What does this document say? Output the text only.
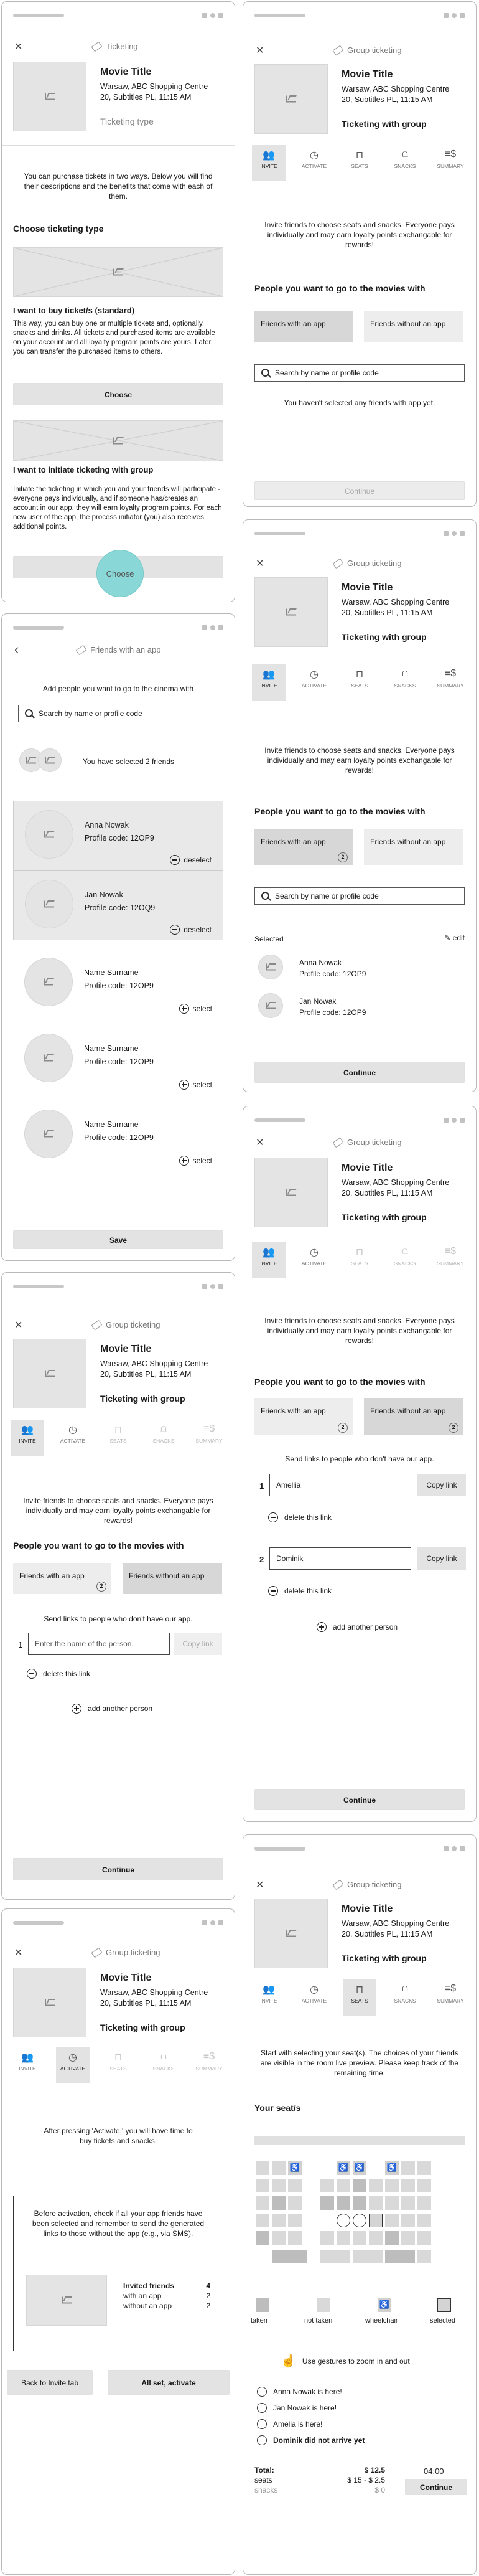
✕	Ticketing
Movie Title
Warsaw, ABC Shopping Centre
20, Subtitles PL, 11:15 AM
Ticketing type
You can purchase tickets in two ways. Below you will find their descriptions and the benefits that come with each of them.
Choose ticketing type
I want to buy ticket/s (standard)
This way, you can buy one or multiple tickets and, optionally, snacks and drinks. All tickets and purchased items are available on your account and all loyalty program points are yours. Later, you can transfer the purchased items to others.
Choose
I want to initiate ticketing with group
Initiate the ticketing in which you and your friends will participate - everyone pays individually, and if someone has/creates an account in our app, they will earn loyalty program points. For each new user of the app, the process initiator (you) also receives additional points.
Choose
‹	Friends with an app
Add people you want to go to the cinema with
Search by name or profile code
You have selected 2 friends
Anna Nowak
Profile code: 12OP9
deselect
Jan Nowak
Profile code: 12OQ9
deselect
Name Surname
Profile code: 12OP9
select
Name Surname
Profile code: 12OP9
select
Name Surname
Profile code: 12OP9
select
Save
✕	Group ticketing
Movie Title
Warsaw, ABC Shopping Centre
20, Subtitles PL, 11:15 AM
Ticketing with group
👥
INVITE
◷
ACTIVATE
⊓
SEATS
⩍
SNACKS
≡$
SUMMARY
Invite friends to choose seats and snacks. Everyone pays individually and may earn loyalty points exchangable for rewards!
People you want to go to the movies with
Friends with an app
2
Friends without an app
Send links to people who don't have our app.
1	Enter the name of the person.	Copy link
delete this link
add another person
Continue
✕	Group ticketing
Movie Title
Warsaw, ABC Shopping Centre
20, Subtitles PL, 11:15 AM
Ticketing with group
👥
INVITE
◷
ACTIVATE
⊓
SEATS
⩍
SNACKS
≡$
SUMMARY
After pressing 'Activate,' you will have time to buy tickets and snacks.
Before activation, check if all your app friends have been selected and remember to send the generated links to those without the app (e.g., via SMS).
Invited friends	4
with an app	2
without an app	2
Back to Invite tab	All set, activate
✕	Group ticketing
Movie Title
Warsaw, ABC Shopping Centre
20, Subtitles PL, 11:15 AM
Ticketing with group
👥
INVITE
◷
ACTIVATE
⊓
SEATS
⩍
SNACKS
≡$
SUMMARY
Invite friends to choose seats and snacks. Everyone pays individually and may earn loyalty points exchangable for rewards!
People you want to go to the movies with
Friends with an app	Friends without an app
Search by name or profile code
You haven't selected any friends with app yet.
Continue
✕	Group ticketing
Movie Title
Warsaw, ABC Shopping Centre
20, Subtitles PL, 11:15 AM
Ticketing with group
👥
INVITE
◷
ACTIVATE
⊓
SEATS
⩍
SNACKS
≡$
SUMMARY
Invite friends to choose seats and snacks. Everyone pays individually and may earn loyalty points exchangable for rewards!
People you want to go to the movies with
Friends with an app
2
Friends without an app
Search by name or profile code
Selected	✎ edit
Anna Nowak
Profile code: 12OP9
Jan Nowak
Profile code: 12OP9
Continue
✕	Group ticketing
Movie Title
Warsaw, ABC Shopping Centre
20, Subtitles PL, 11:15 AM
Ticketing with group
👥
INVITE
◷
ACTIVATE
⊓
SEATS
⩍
SNACKS
≡$
SUMMARY
Invite friends to choose seats and snacks. Everyone pays individually and may earn loyalty points exchangable for rewards!
People you want to go to the movies with
Friends with an app
2
Friends without an app
2
Send links to people who don't have our app.
1	Amellia	Copy link
delete this link
2	Dominik	Copy link
delete this link
add another person
Continue
✕	Group ticketing
Movie Title
Warsaw, ABC Shopping Centre
20, Subtitles PL, 11:15 AM
Ticketing with group
👥
INVITE
◷
ACTIVATE
⊓
SEATS
⩍
SNACKS
≡$
SUMMARY
Start with selecting your seat(s). The choices of your friends are visible in the room live preview. Please keep track of the remaining time.
Your seat/s
♿
♿
♿
♿
taken	not taken
♿	wheelchair	selected
☝ Use gestures to zoom in and out
Anna Nowak is here!
Jan Nowak is here!
Amelia is here!
Dominik did not arrive yet
Total:	$ 12.5
seats	$ 15 - $ 2.5
snacks	$ 0
04:00
Continue
